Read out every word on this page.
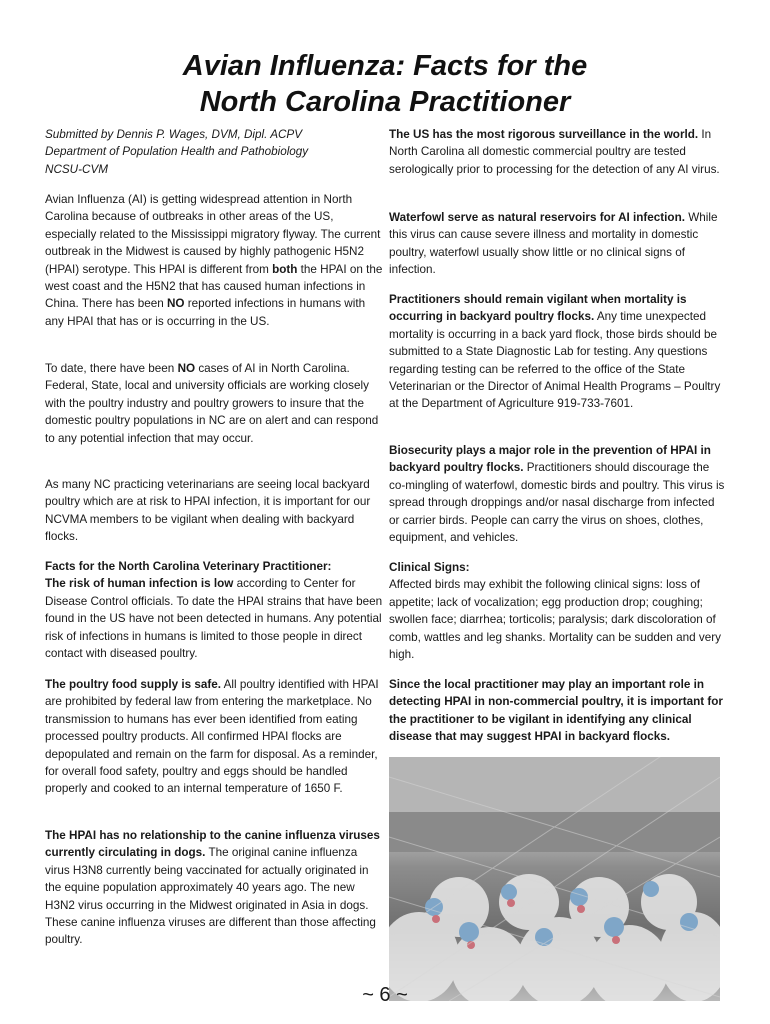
Avian Influenza: Facts for the
North Carolina Practitioner
Submitted by Dennis P. Wages, DVM, Dipl. ACPV
Department of Population Health and Pathobiology
NCSU-CVM

Avian Influenza (AI) is getting widespread attention in North Carolina because of outbreaks in other areas of the US, especially related to the Mississippi migratory flyway. The current outbreak in the Midwest is caused by highly pathogenic H5N2 (HPAI) serotype. This HPAI is different from both the HPAI on the west coast and the H5N2 that has caused human infections in China. There has been NO reported infections in humans with any HPAI that has or is occurring in the US.

To date, there have been NO cases of AI in North Carolina. Federal, State, local and university officials are working closely with the poultry industry and poultry growers to insure that the domestic poultry populations in NC are on alert and can respond to any potential infection that may occur.

As many NC practicing veterinarians are seeing local backyard poultry which are at risk to HPAI infection, it is important for our NCVMA members to be vigilant when dealing with backyard flocks.

Facts for the North Carolina Veterinary Practitioner:
The risk of human infection is low according to Center for Disease Control officials. To date the HPAI strains that have been found in the US have not been detected in humans. Any potential risk of infections in humans is limited to those people in direct contact with diseased poultry.

The poultry food supply is safe. All poultry identified with HPAI are prohibited by federal law from entering the marketplace. No transmission to humans has ever been identified from eating processed poultry products. All confirmed HPAI flocks are depopulated and remain on the farm for disposal. As a reminder, for overall food safety, poultry and eggs should be handled properly and cooked to an internal temperature of 1650 F.

The HPAI has no relationship to the canine influenza viruses currently circulating in dogs. The original canine influenza virus H3N8 currently being vaccinated for actually originated in the equine population approximately 40 years ago. The new H3N2 virus occurring in the Midwest originated in Asia in dogs. These canine influenza viruses are different than those affecting poultry.

The US has the most rigorous surveillance in the world. In North Carolina all domestic commercial poultry are tested serologically prior to processing for the detection of any AI virus.

Waterfowl serve as natural reservoirs for AI infection. While this virus can cause severe illness and mortality in domestic poultry, waterfowl usually show little or no clinical signs of infection.

Practitioners should remain vigilant when mortality is occurring in backyard poultry flocks. Any time unexpected mortality is occurring in a back yard flock, those birds should be submitted to a State Diagnostic Lab for testing. Any questions regarding testing can be referred to the office of the State Veterinarian or the Director of Animal Health Programs – Poultry at the Department of Agriculture 919-733-7601.

Biosecurity plays a major role in the prevention of HPAI in backyard poultry flocks. Practitioners should discourage the co-mingling of waterfowl, domestic birds and poultry. This virus is spread through droppings and/or nasal discharge from infected or carrier birds. People can carry the virus on shoes, clothes, equipment, and vehicles.

Clinical Signs:
Affected birds may exhibit the following clinical signs: loss of appetite; lack of vocalization; egg production drop; coughing; swollen face; diarrhea; torticolis; paralysis; dark discoloration of comb, wattles and leg shanks. Mortality can be sudden and very high.

Since the local practitioner may play an important role in detecting HPAI in non-commercial poultry, it is important for the practitioner to be vigilant in identifying any clinical disease that may suggest HPAI in backyard flocks.

~ 6 ~
